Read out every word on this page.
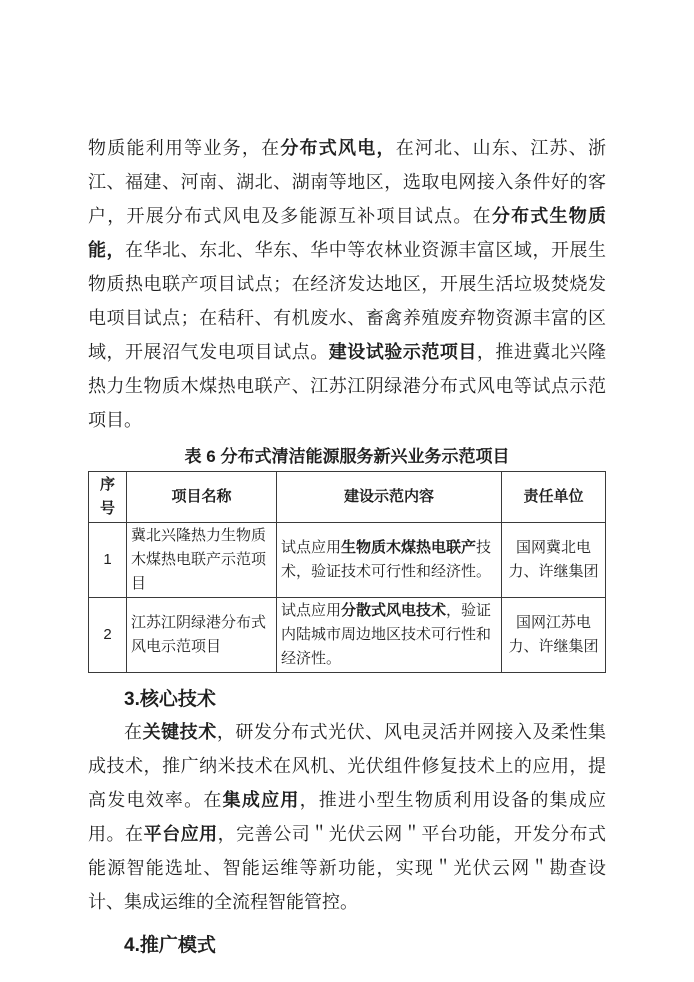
物质能利用等业务，在分布式风电，在河北、山东、江苏、浙江、福建、河南、湖北、湖南等地区，选取电网接入条件好的客户，开展分布式风电及多能源互补项目试点。在分布式生物质能，在华北、东北、华东、华中等农林业资源丰富区域，开展生物质热电联产项目试点；在经济发达地区，开展生活垃圾焚烧发电项目试点；在秸秆、有机废水、畜禽养殖废弃物资源丰富的区域，开展沼气发电项目试点。建设试验示范项目，推进冀北兴隆热力生物质木煤热电联产、江苏江阴绿港分布式风电等试点示范项目。

表 6 分布式清洁能源服务新兴业务示范项目
序号	项目名称	建设示范内容	责任单位
1	冀北兴隆热力生物质木煤热电联产示范项目	试点应用生物质木煤热电联产技术，验证技术可行性和经济性。	国网冀北电力、许继集团
2	江苏江阴绿港分布式风电示范项目	试点应用分散式风电技术，验证内陆城市周边地区技术可行性和经济性。	国网江苏电力、许继集团
3.核心技术

在关键技术，研发分布式光伏、风电灵活并网接入及柔性集成技术，推广纳米技术在风机、光伏组件修复技术上的应用，提高发电效率。在集成应用，推进小型生物质利用设备的集成应用。在平台应用，完善公司＂光伏云网＂平台功能，开发分布式能源智能选址、智能运维等新功能，实现＂光伏云网＂勘查设计、集成运维的全流程智能管控。

4.推广模式
